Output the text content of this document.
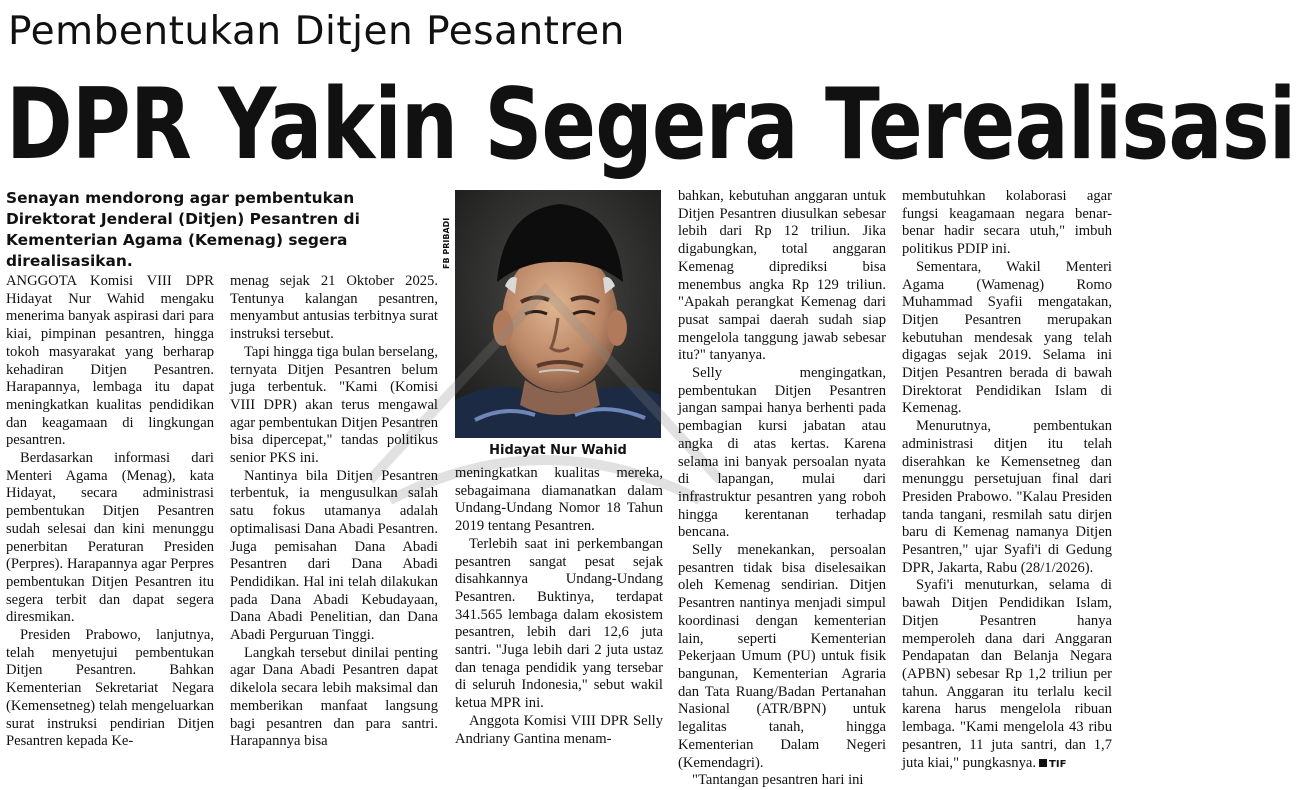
Pembentukan Ditjen Pesantren
DPR Yakin Segera Terealisasi
Senayan mendorong agar pembentukan Direktorat Jenderal (Ditjen) Pesantren di Kementerian Agama (Kemenag) segera direalisasikan.	FB PRIBADI
Hidayat Nur Wahid

ANGGOTA Komisi VIII DPR Hidayat Nur Wahid mengaku menerima banyak aspirasi dari para kiai, pimpinan pesantren, hingga tokoh masyarakat yang berharap kehadiran Ditjen Pesantren. Harapannya, lembaga itu dapat meningkatkan kualitas pendidikan dan keagamaan di lingkungan pesantren.

Berdasarkan informasi dari Menteri Agama (Menag), kata Hidayat, secara administrasi pembentukan Ditjen Pesantren sudah selesai dan kini menunggu penerbitan Peraturan Presiden (Perpres). Harapannya agar Perpres pembentukan Ditjen Pesantren itu segera terbit dan dapat segera diresmikan.

Presiden Prabowo, lanjutnya, telah menyetujui pembentukan Ditjen Pesantren. Bahkan Kementerian Sekretariat Negara (Kemensetneg) telah mengeluarkan surat instruksi pendirian Ditjen Pesantren kepada Ke-

menag sejak 21 Oktober 2025. Tentunya kalangan pesantren, menyambut antusias terbitnya surat instruksi tersebut.

Tapi hingga tiga bulan berselang, ternyata Ditjen Pesantren belum juga terbentuk. "Kami (Komisi VIII DPR) akan terus mengawal agar pembentukan Ditjen Pesantren bisa dipercepat," tandas politikus senior PKS ini.

Nantinya bila Ditjen Pesantren terbentuk, ia mengusulkan salah satu fokus utamanya adalah optimalisasi Dana Abadi Pesantren. Juga pemisahan Dana Abadi Pesantren dari Dana Abadi Pendidikan. Hal ini telah dilakukan pada Dana Abadi Kebudayaan, Dana Abadi Penelitian, dan Dana Abadi Perguruan Tinggi.

Langkah tersebut dinilai penting agar Dana Abadi Pesantren dapat dikelola secara lebih maksimal dan memberikan manfaat langsung bagi pesantren dan para santri. Harapannya bisa

meningkatkan kualitas mereka, sebagaimana diamanatkan dalam Undang-Undang Nomor 18 Tahun 2019 tentang Pesantren.

Terlebih saat ini perkembangan pesantren sangat pesat sejak disahkannya Undang-Undang Pesantren. Buktinya, terdapat 341.565 lembaga dalam ekosistem pesantren, lebih dari 12,6 juta santri. "Juga lebih dari 2 juta ustaz dan tenaga pendidik yang tersebar di seluruh Indonesia," sebut wakil ketua MPR ini.

Anggota Komisi VIII DPR Selly Andriany Gantina menam-

bahkan, kebutuhan anggaran untuk Ditjen Pesantren diusulkan sebesar lebih dari Rp 12 triliun. Jika digabungkan, total anggaran Kemenag diprediksi bisa menembus angka Rp 129 triliun. "Apakah perangkat Kemenag dari pusat sampai daerah sudah siap mengelola tanggung jawab sebesar itu?" tanyanya.

Selly mengingatkan, pembentukan Ditjen Pesantren jangan sampai hanya berhenti pada pembagian kursi jabatan atau angka di atas kertas. Karena selama ini banyak persoalan nyata di lapangan, mulai dari infrastruktur pesantren yang roboh hingga kerentanan terhadap bencana.

Selly menekankan, persoalan pesantren tidak bisa diselesaikan oleh Kemenag sendirian. Ditjen Pesantren nantinya menjadi simpul koordinasi dengan kementerian lain, seperti Kementerian Pekerjaan Umum (PU) untuk fisik bangunan, Kementerian Agraria dan Tata Ruang/Badan Pertanahan Nasional (ATR/BPN) untuk legalitas tanah, hingga Kementerian Dalam Negeri (Kemendagri).

"Tantangan pesantren hari ini

membutuhkan kolaborasi agar fungsi keagamaan negara benar-benar hadir secara utuh," imbuh politikus PDIP ini.

Sementara, Wakil Menteri Agama (Wamenag) Romo Muhammad Syafii mengatakan, Ditjen Pesantren merupakan kebutuhan mendesak yang telah digagas sejak 2019. Selama ini Ditjen Pesantren berada di bawah Direktorat Pendidikan Islam di Kemenag.

Menurutnya, pembentukan administrasi ditjen itu telah diserahkan ke Kemensetneg dan menunggu persetujuan final dari Presiden Prabowo. "Kalau Presiden tanda tangani, resmilah satu dirjen baru di Kemenag namanya Ditjen Pesantren," ujar Syafi'i di Gedung DPR, Jakarta, Rabu (28/1/2026).

Syafi'i menuturkan, selama di bawah Ditjen Pendidikan Islam, Ditjen Pesantren hanya memperoleh dana dari Anggaran Pendapatan dan Belanja Negara (APBN) sebesar Rp 1,2 triliun per tahun. Anggaran itu terlalu kecil karena harus mengelola ribuan lembaga. "Kami mengelola 43 ribu pesantren, 11 juta santri, dan 1,7 juta kiai," pungkasnya. TIF
